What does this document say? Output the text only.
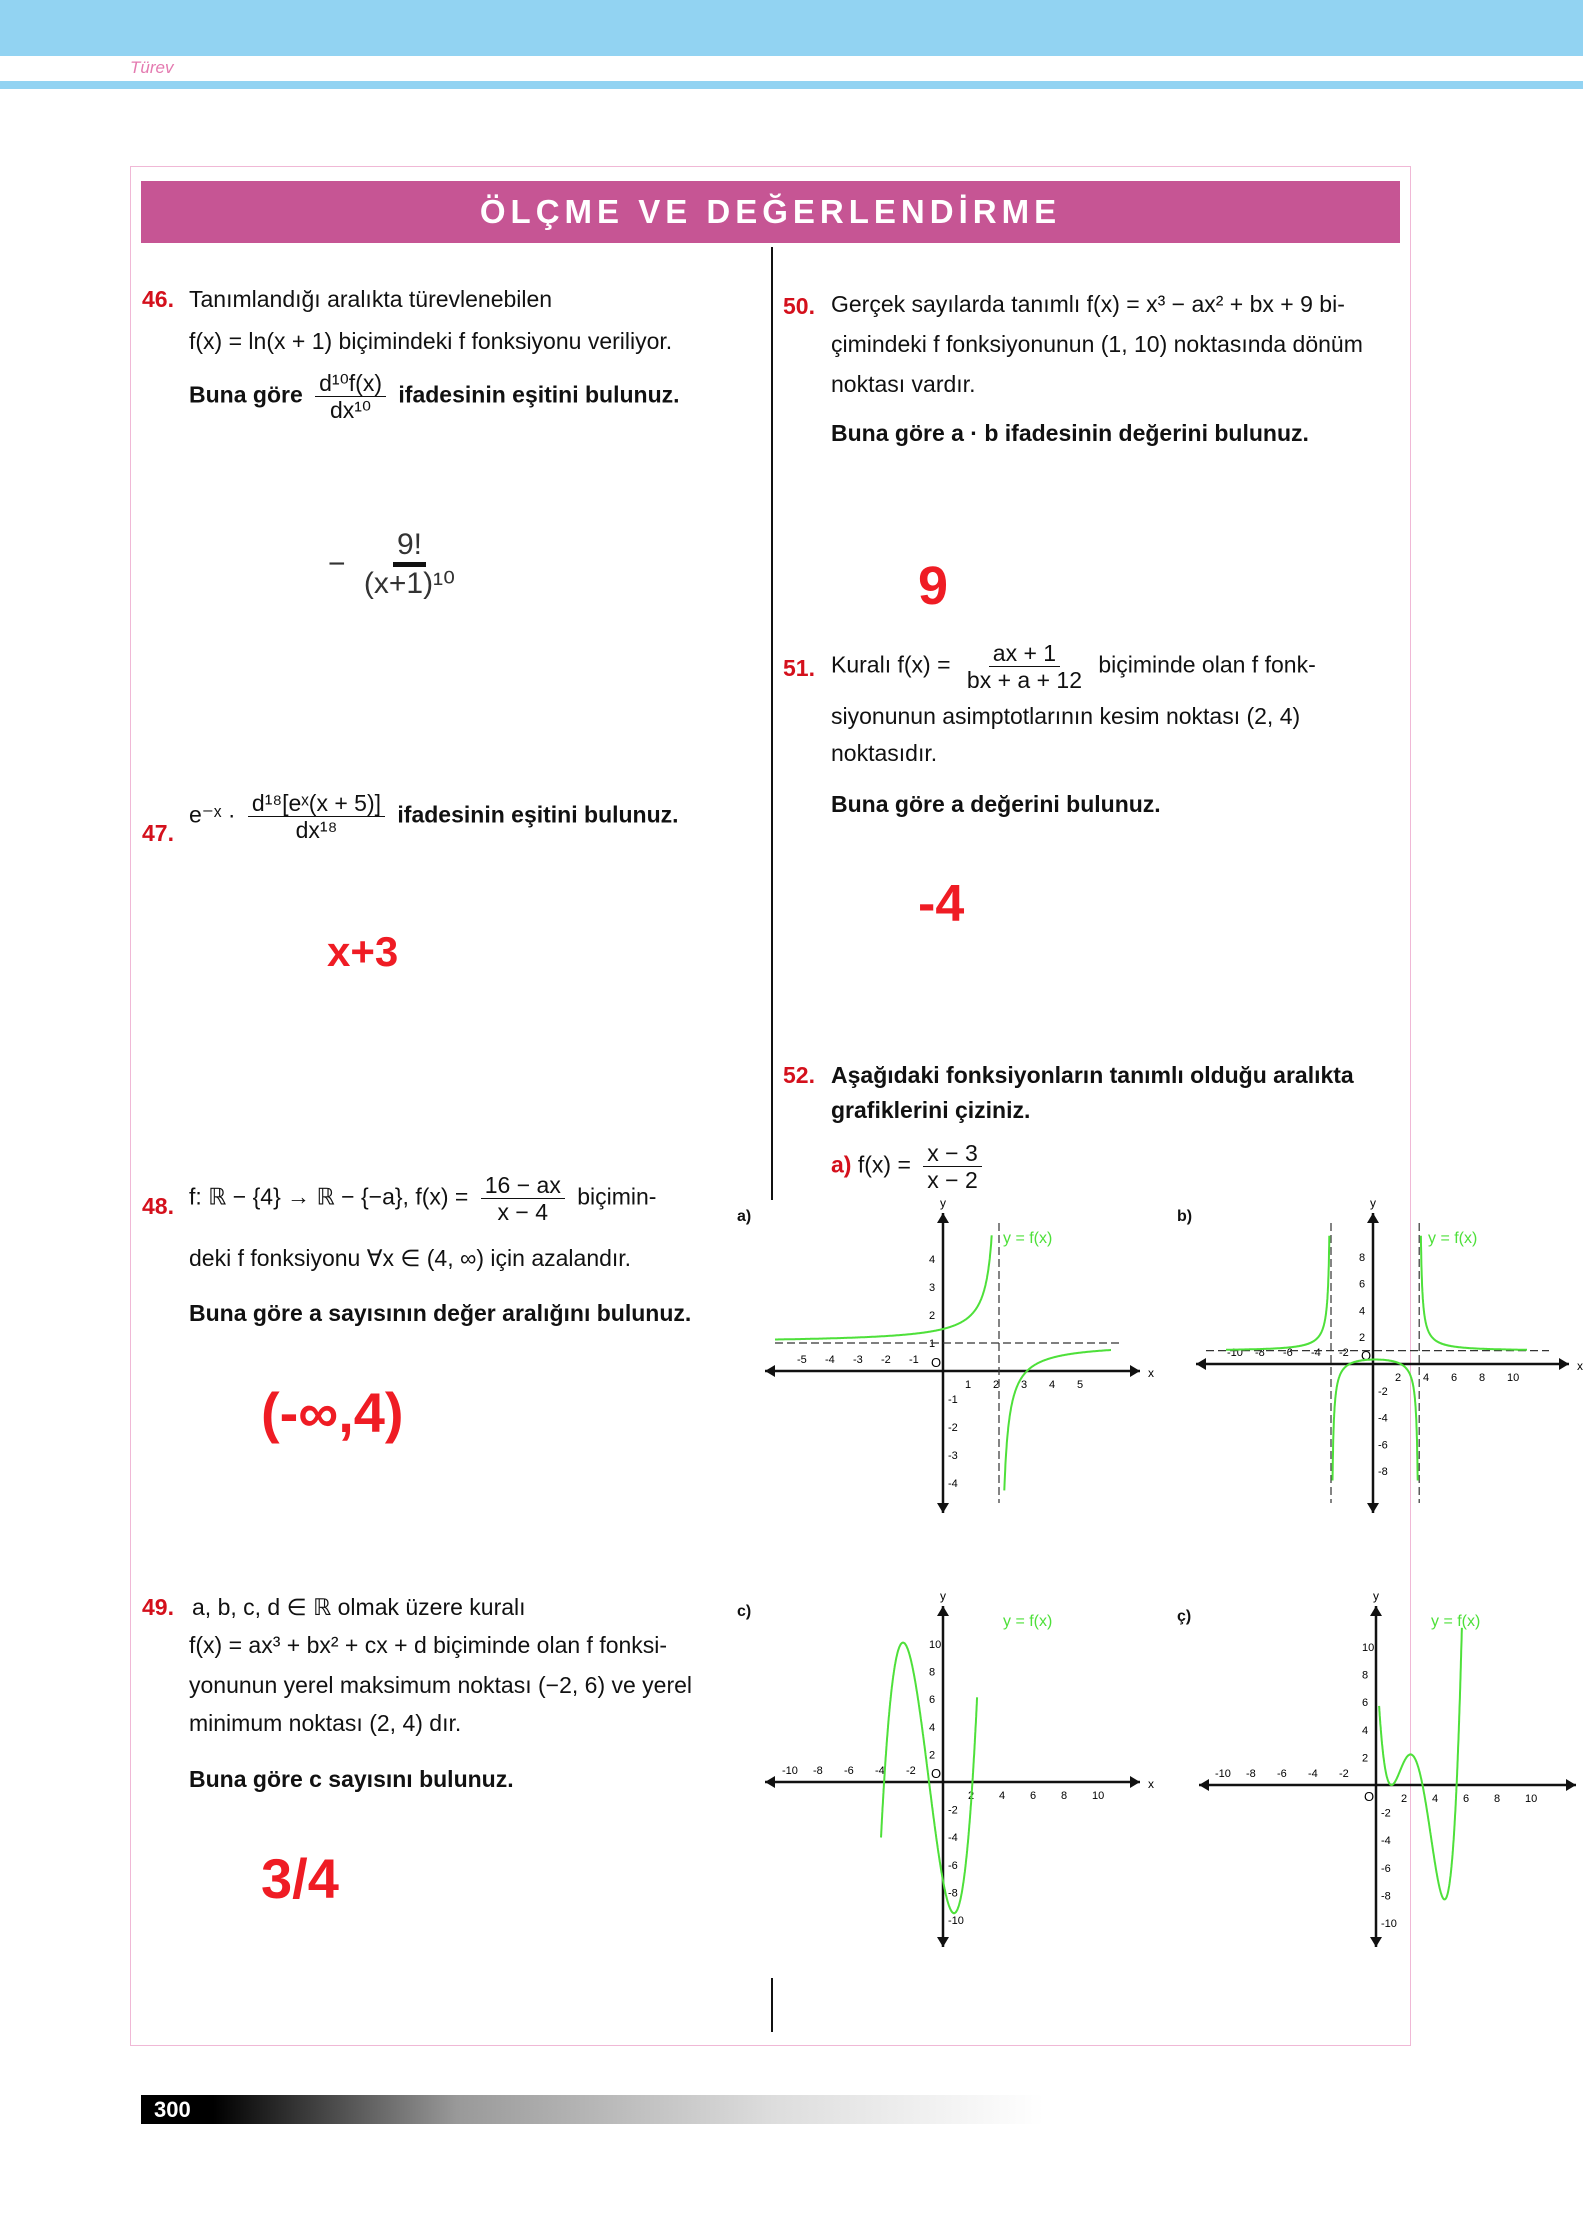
Türev
ÖLÇME VE DEĞERLENDİRME
46. Tanımlandığı aralıkta türevlenebilen
f(x) = ln(x + 1) biçimindeki f fonksiyonu veriliyor.
Buna göre $\frac{\text{d¹⁰f(x)}}{\text{dx¹⁰}}$ ifadesinin eşitini bulunuz.
− $\frac{9!}{\text{(x+1)¹⁰}}$
47.
e⁻ˣ · $\frac{\text{d¹⁸[eˣ(x + 5)]}}{\text{dx¹⁸}}$ ifadesinin eşitini bulunuz.
x+3
48. f: ℝ − {4} → ℝ − {−a}, $f(x) = \frac{16 - ax}{x - 4}$ biçimin-
deki f fonksiyonu ∀x ∈ (4, ∞) için azalandır.
Buna göre a sayısının değer aralığını bulunuz.
(-∞,4)
49. a, b, c, d ∈ ℝ olmak üzere kuralı
f(x) = ax³ + bx² + cx + d biçiminde olan f fonksi-
yonunun yerel maksimum noktası (−2, 6) ve yerel
minimum noktası (2, 4) dır.
Buna göre c sayısını bulunuz.
3/4
50. Gerçek sayılarda tanımlı f(x) = x³ − ax² + bx + 9 bi-
çimindeki f fonksiyonunun (1, 10) noktasında dönüm
noktası vardır.
Buna göre a · b ifadesinin değerini bulunuz.
9
51. Kuralı $f(x) = \frac{ax + 1}{bx + a + 12}$ biçiminde olan f fonk-
siyonunun asimptotlarının kesim noktası (2, 4)
noktasıdır.
Buna göre a değerini bulunuz.
-4
52. Aşağıdaki fonksiyonların tanımlı olduğu aralıkta
grafiklerini çiziniz.
a) $f(x) = \frac{x - 3}{x - 2}$
a)	b)
c)	ç)
x
y
O
-5 -4 -3 -2 -1
1 2 3 4 5
4
3
2
1
-1
-2
-3
-4
y = f(x)
x
y
O
-10 -8 -6 -4 -2
2 4 6 8 10
8
6
4
2
-2
-4
-6
-8
y = f(x)
x
y
O
-10 -8 -6 -4 -2
2 4 6 8 10
10
8
6
4
2
-2
-4
-6
-8
-10
y = f(x)
y
O
-10 -8 -6 -4 -2
2 4 6 8 10
10
8
6
4
2
-2
-4
-6
-8
-10
y = f(x)
300
